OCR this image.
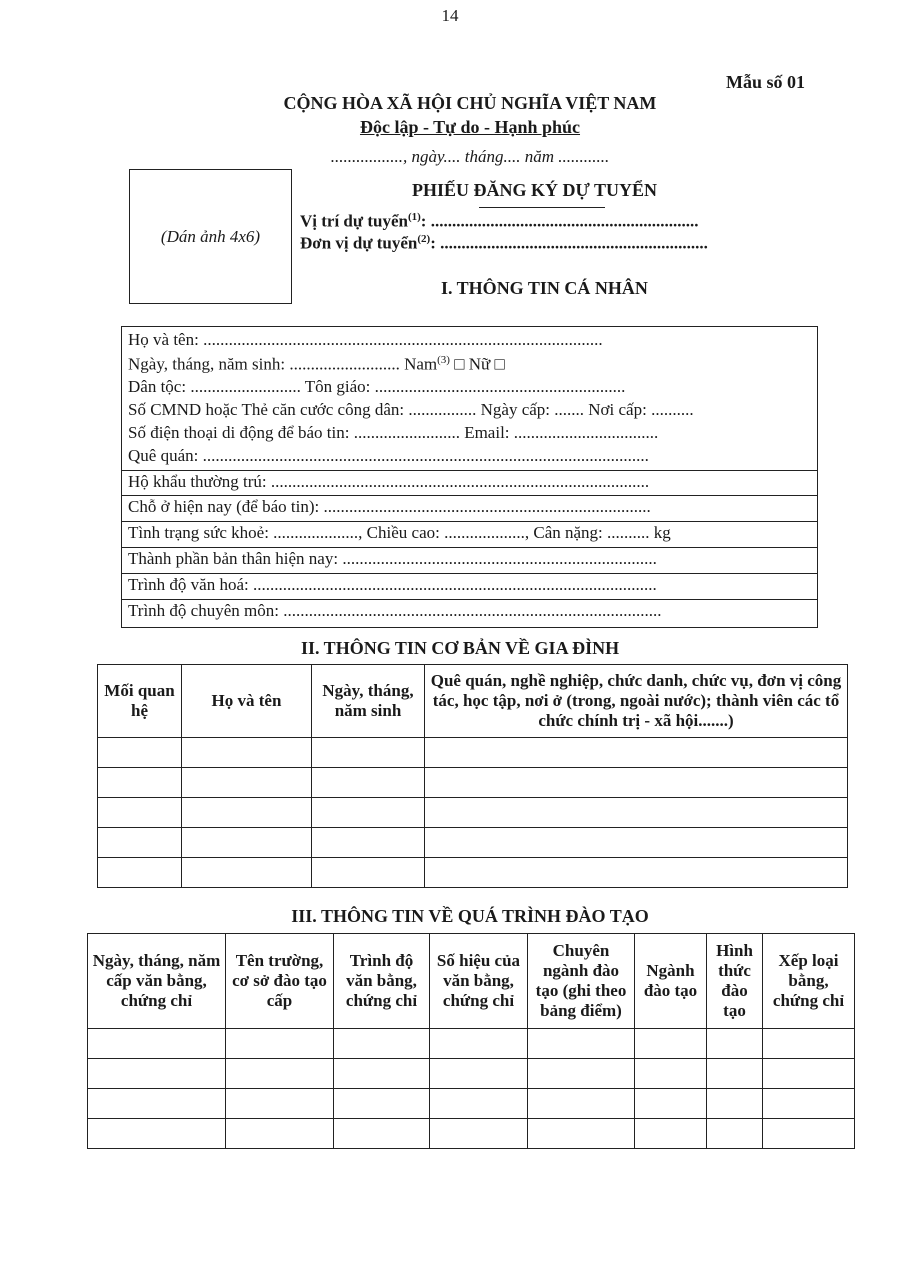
14
Mẫu số 01
CỘNG HÒA XÃ HỘI CHỦ NGHĨA VIỆT NAM
Độc lập - Tự do - Hạnh phúc
................., ngày.... tháng.... năm ............
(Dán ảnh 4x6)
PHIẾU ĐĂNG KÝ DỰ TUYỂN
Vị trí dự tuyển$^{(1)}$: ...............................................................
Đơn vị dự tuyển$^{(2)}$: ...............................................................
I. THÔNG TIN CÁ NHÂN
Họ và tên: ..............................................................................................
Ngày, tháng, năm sinh: .......................... Nam$^{(3)}$ □ Nữ □
Dân tộc: .......................... Tôn giáo: ...........................................................
Số CMND hoặc Thẻ căn cước công dân: ................ Ngày cấp: ....... Nơi cấp: ..........
Số điện thoại di động để báo tin: ......................... Email: ..................................
Quê quán: .........................................................................................................
Hộ khẩu thường trú: .........................................................................................
Chỗ ở hiện nay (để báo tin): .............................................................................
Tình trạng sức khoẻ: ...................., Chiều cao: ..................., Cân nặng: .......... kg
Thành phần bản thân hiện nay: ..........................................................................
Trình độ văn hoá: ...............................................................................................
Trình độ chuyên môn: .........................................................................................
II. THÔNG TIN CƠ BẢN VỀ GIA ĐÌNH
Mối quan hệ	Họ và tên	Ngày, tháng, năm sinh	Quê quán, nghề nghiệp, chức danh, chức vụ, đơn vị công tác, học tập, nơi ở (trong, ngoài nước); thành viên các tổ chức chính trị - xã hội.......)

III. THÔNG TIN VỀ QUÁ TRÌNH ĐÀO TẠO
Ngày, tháng, năm cấp văn bằng, chứng chỉ	Tên trường, cơ sở đào tạo cấp	Trình độ văn bằng, chứng chỉ	Số hiệu của văn bằng, chứng chỉ	Chuyên ngành đào tạo (ghi theo bảng điểm)	Ngành đào tạo	Hình thức đào tạo	Xếp loại bằng, chứng chỉ
